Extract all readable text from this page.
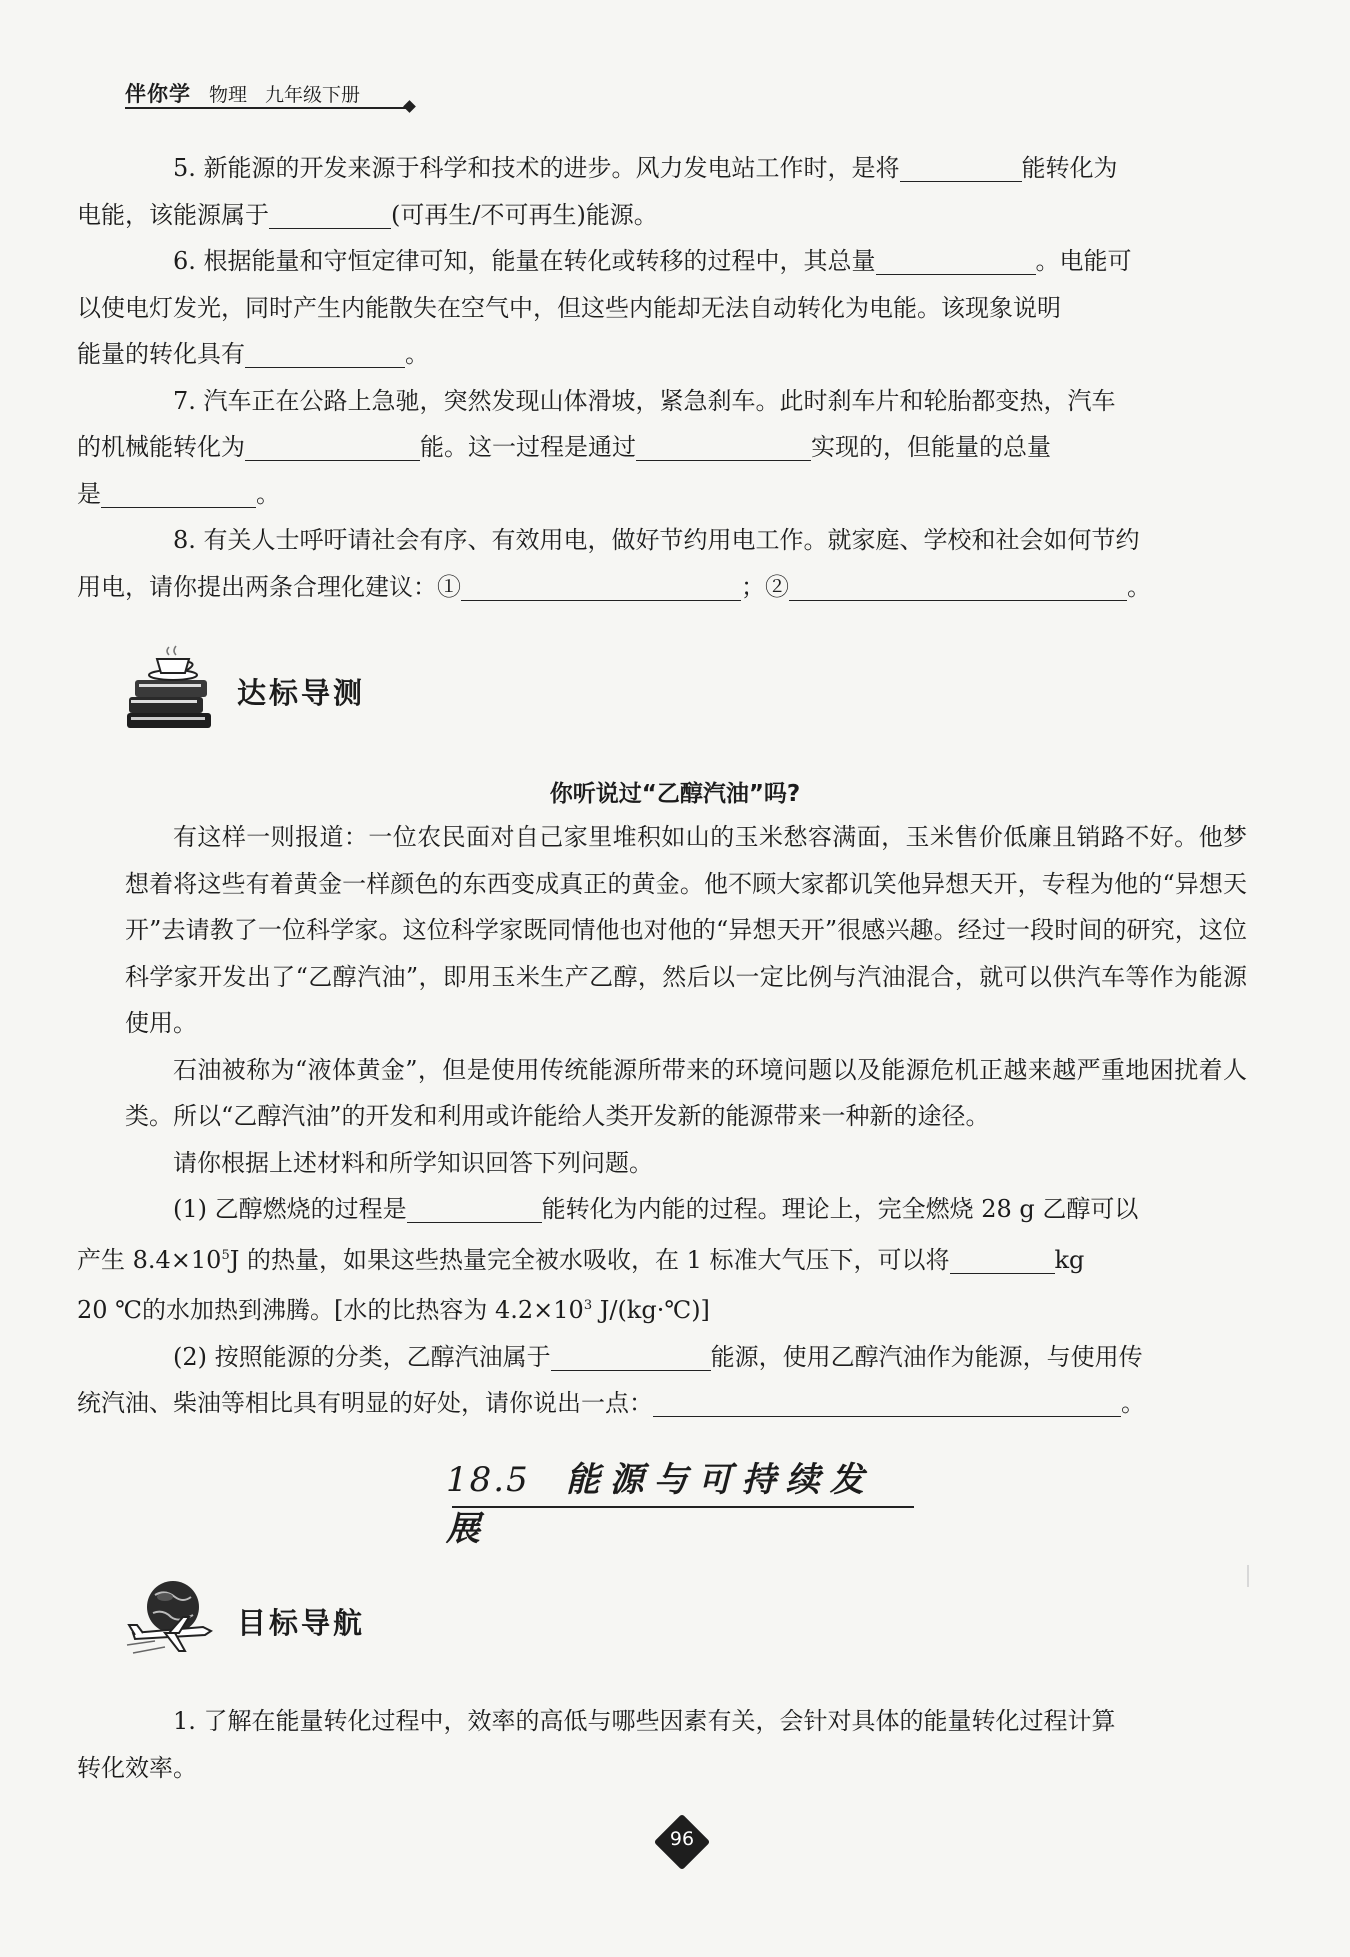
伴你学 物理 九年级下册

5. 新能源的开发来源于科学和技术的进步。风力发电站工作时，是将	能转化为
电能，该能源属于	(可再生/不可再生)能源。

6. 根据能量和守恒定律可知，能量在转化或转移的过程中，其总量	。电能可
以使电灯发光，同时产生内能散失在空气中，但这些内能却无法自动转化为电能。该现象说明
能量的转化具有	。

7. 汽车正在公路上急驰，突然发现山体滑坡，紧急刹车。此时刹车片和轮胎都变热，汽车
的机械能转化为	能。这一过程是通过	实现的，但能量的总量
是	。

8. 有关人士呼吁请社会有序、有效用电，做好节约用电工作。就家庭、学校和社会如何节约
用电，请你提出两条合理化建议：①	；②	。

达标导测
你听说过“乙醇汽油”吗?

有这样一则报道：一位农民面对自己家里堆积如山的玉米愁容满面，玉米售价低廉且销路不好。他梦想着将这些有着黄金一样颜色的东西变成真正的黄金。他不顾大家都讥笑他异想天开，专程为他的“异想天开”去请教了一位科学家。这位科学家既同情他也对他的“异想天开”很感兴趣。经过一段时间的研究，这位科学家开发出了“乙醇汽油”，即用玉米生产乙醇，然后以一定比例与汽油混合，就可以供汽车等作为能源使用。

石油被称为“液体黄金”，但是使用传统能源所带来的环境问题以及能源危机正越来越严重地困扰着人类。所以“乙醇汽油”的开发和利用或许能给人类开发新的能源带来一种新的途径。

请你根据上述材料和所学知识回答下列问题。

(1) 乙醇燃烧的过程是	能转化为内能的过程。理论上，完全燃烧 28 g 乙醇可以
产生 $8.4\times 10^5J$ 的热量，如果这些热量完全被水吸收，在 1 标准大气压下，可以将	kg
20 ℃的水加热到沸腾。[水的比热容为 $4.2\times 10^3$ J/(kg·℃)]

(2) 按照能源的分类，乙醇汽油属于	能源，使用乙醇汽油作为能源，与使用传
统汽油、柴油等相比具有明显的好处，请你说出一点：	。

18.5 能源与可持续发展
目标导航

1. 了解在能量转化过程中，效率的高低与哪些因素有关，会针对具体的能量转化过程计算
转化效率。

96
